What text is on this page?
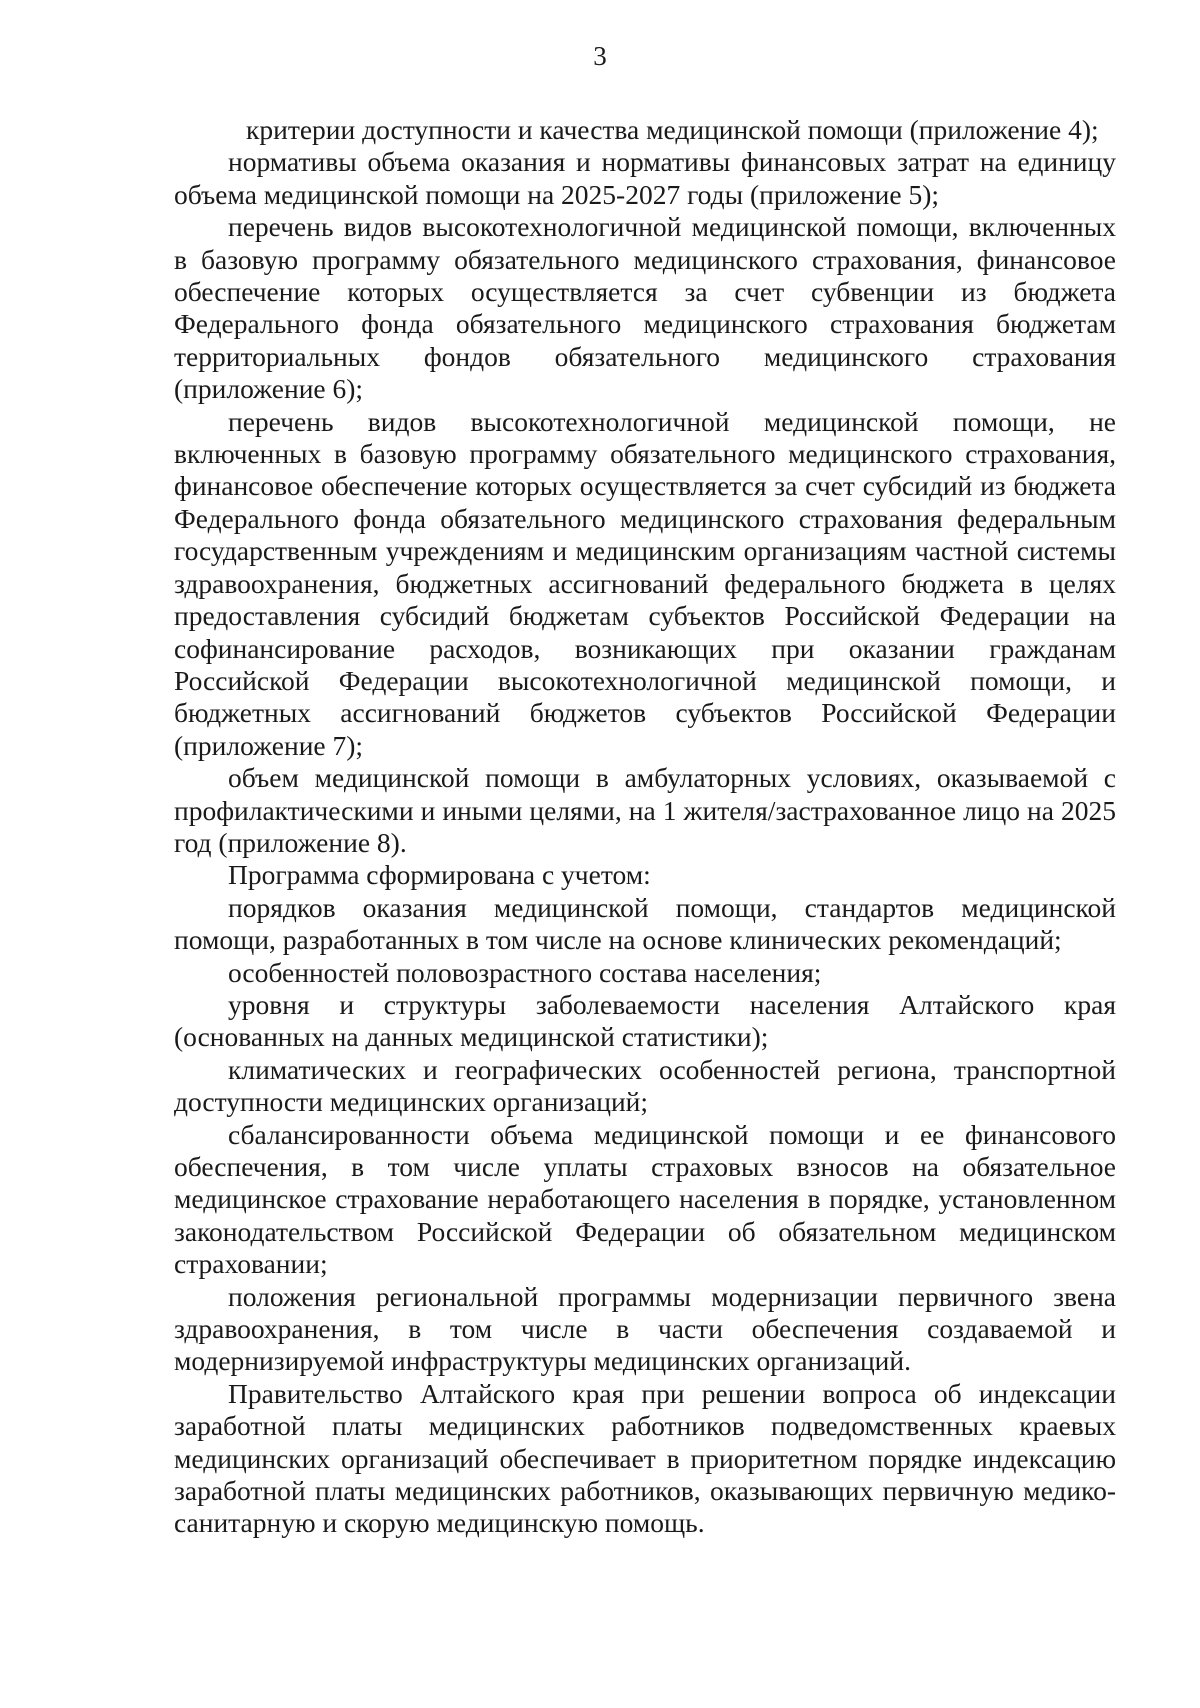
3

критерии доступности и качества медицинской помощи (приложение 4);

нормативы объема оказания и нормативы финансовых затрат на единицу объема медицинской помощи на 2025-2027 годы (приложение 5);

перечень видов высокотехнологичной медицинской помощи, включенных в базовую программу обязательного медицинского страхования, финансовое обеспечение которых осуществляется за счет субвенции из бюджета Федерального фонда обязательного медицинского страхования бюджетам территориальных фондов обязательного медицинского страхования (приложение 6);

перечень видов высокотехнологичной медицинской помощи, не включенных в базовую программу обязательного медицинского страхования, финансовое обеспечение которых осуществляется за счет субсидий из бюджета Федерального фонда обязательного медицинского страхования федеральным государственным учреждениям и медицинским организациям частной системы здравоохранения, бюджетных ассигнований федерального бюджета в целях предоставления субсидий бюджетам субъектов Российской Федерации на софинансирование расходов, возникающих при оказании гражданам Российской Федерации высокотехнологичной медицинской помощи, и бюджетных ассигнований бюджетов субъектов Российской Федерации (приложение 7);

объем медицинской помощи в амбулаторных условиях, оказываемой с профилактическими и иными целями, на 1 жителя/застрахованное лицо на 2025 год (приложение 8).

Программа сформирована с учетом:

порядков оказания медицинской помощи, стандартов медицинской помощи, разработанных в том числе на основе клинических рекомендаций;

особенностей половозрастного состава населения;

уровня и структуры заболеваемости населения Алтайского края (основанных на данных медицинской статистики);

климатических и географических особенностей региона, транспортной доступности медицинских организаций;

сбалансированности объема медицинской помощи и ее финансового обеспечения, в том числе уплаты страховых взносов на обязательное медицинское страхование неработающего населения в порядке, установленном законодательством Российской Федерации об обязательном медицинском страховании;

положения региональной программы модернизации первичного звена здравоохранения, в том числе в части обеспечения создаваемой и модернизируемой инфраструктуры медицинских организаций.

Правительство Алтайского края при решении вопроса об индексации заработной платы медицинских работников подведомственных краевых медицинских организаций обеспечивает в приоритетном порядке индексацию заработной платы медицинских работников, оказывающих первичную медико-санитарную и скорую медицинскую помощь.
